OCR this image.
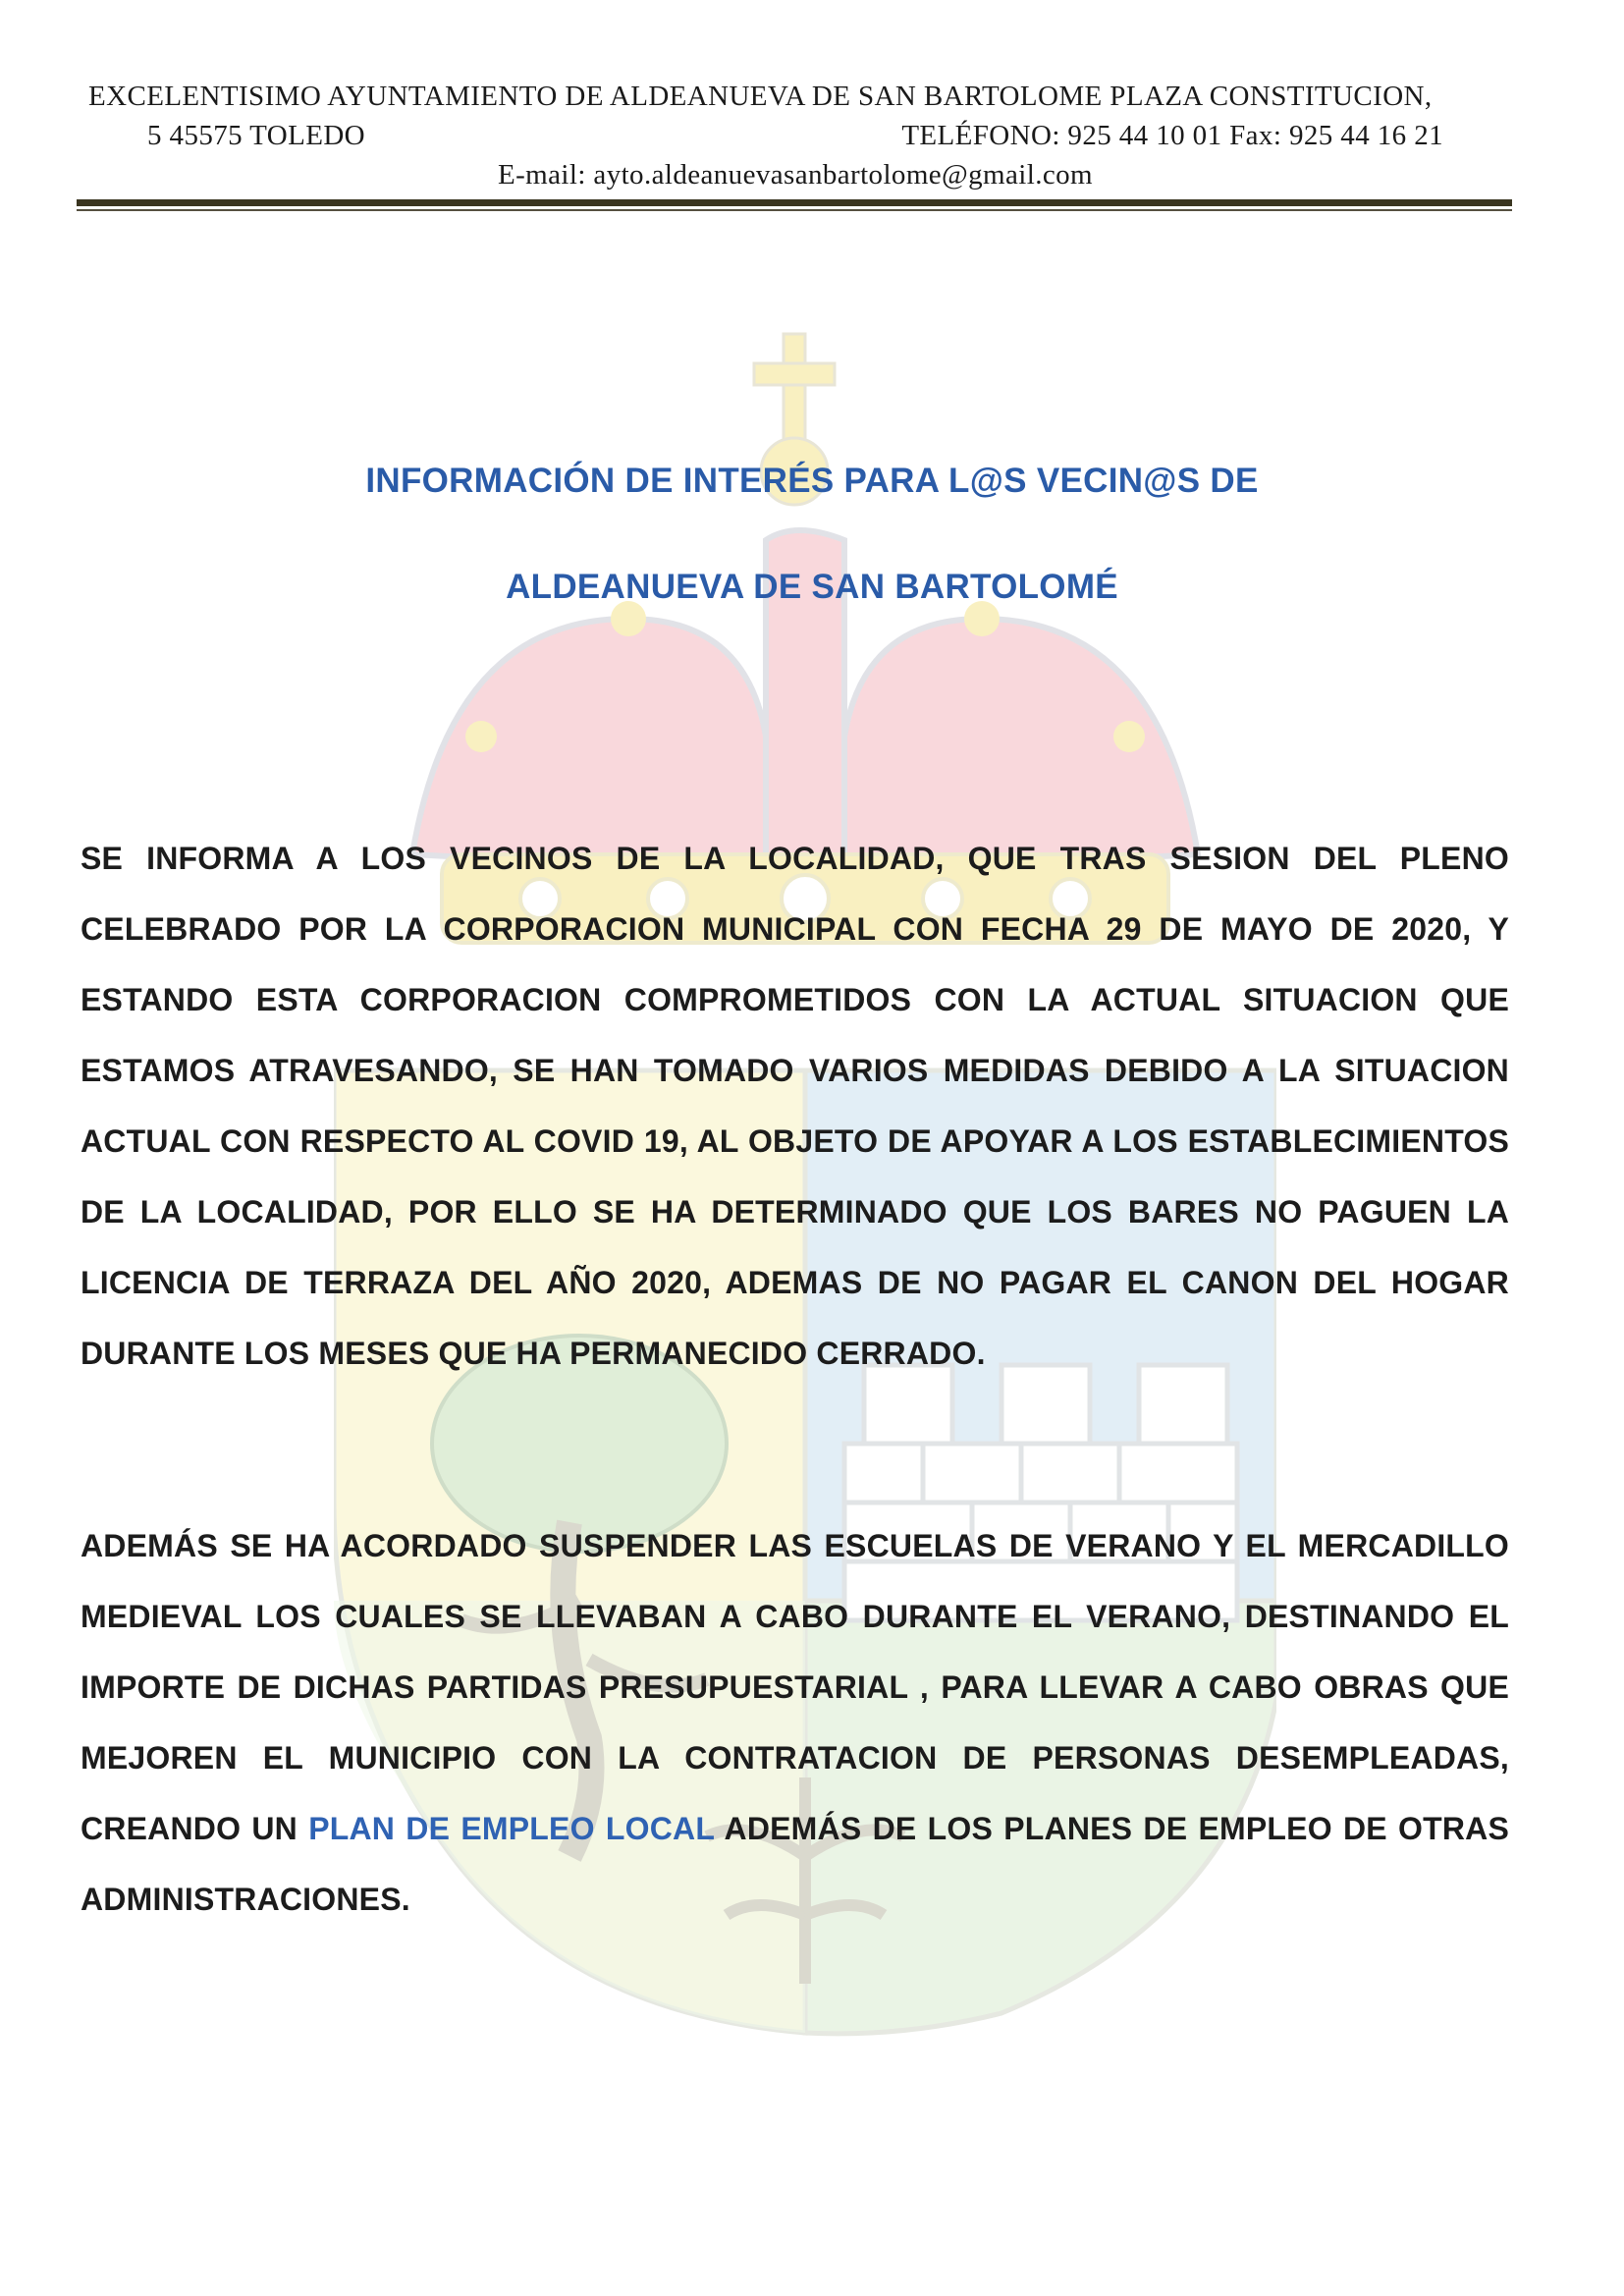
EXCELENTISIMO AYUNTAMIENTO DE ALDEANUEVA DE SAN BARTOLOME PLAZA CONSTITUCION,
5 45575 TOLEDO	TELÉFONO: 925 44 10 01 Fax: 925 44 16 21
E-mail: ayto.aldeanuevasanbartolome@gmail.com
INFORMACIÓN DE INTERÉS PARA L@S VECIN@S DE
ALDEANUEVA DE SAN BARTOLOMÉ
SE INFORMA A LOS VECINOS DE LA LOCALIDAD, QUE TRAS SESION DEL PLENO CELEBRADO POR LA CORPORACION MUNICIPAL CON FECHA 29 DE MAYO DE 2020, Y ESTANDO ESTA CORPORACION COMPROMETIDOS CON LA ACTUAL SITUACION QUE ESTAMOS ATRAVESANDO, SE HAN TOMADO VARIOS MEDIDAS DEBIDO A LA SITUACION ACTUAL CON RESPECTO AL COVID 19, AL OBJETO DE APOYAR A LOS ESTABLECIMIENTOS DE LA LOCALIDAD, POR ELLO SE HA DETERMINADO QUE LOS BARES NO PAGUEN LA LICENCIA DE TERRAZA DEL AÑO 2020, ADEMAS DE NO PAGAR EL CANON DEL HOGAR DURANTE LOS MESES QUE HA PERMANECIDO CERRADO.
ADEMÁS SE HA ACORDADO SUSPENDER LAS ESCUELAS DE VERANO Y EL MERCADILLO MEDIEVAL LOS CUALES SE LLEVABAN A CABO DURANTE EL VERANO, DESTINANDO EL IMPORTE DE DICHAS PARTIDAS PRESUPUESTARIAL , PARA LLEVAR A CABO OBRAS QUE MEJOREN EL MUNICIPIO CON LA CONTRATACION DE PERSONAS DESEMPLEADAS, CREANDO UN PLAN DE EMPLEO LOCAL ADEMÁS DE LOS PLANES DE EMPLEO DE OTRAS ADMINISTRACIONES.
